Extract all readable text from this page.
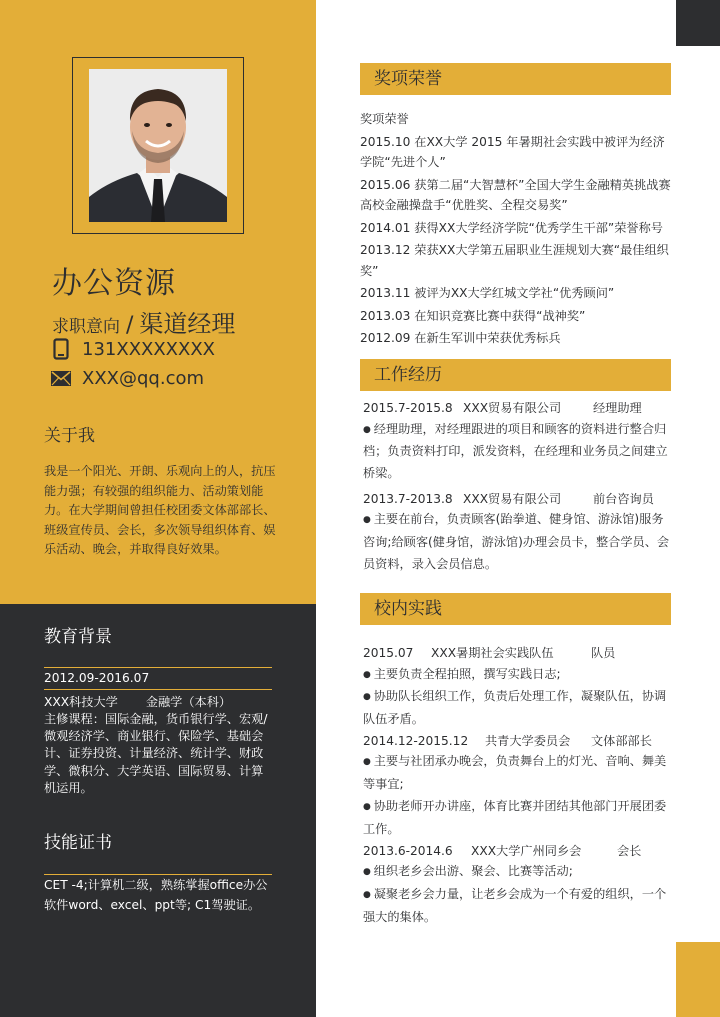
办公资源
求职意向 / 渠道经理
131XXXXXXXX
XXX@qq.com
关于我
我是一个阳光、开朗、乐观向上的人，抗压能力强；有较强的组织能力、活动策划能力。在大学期间曾担任校团委文体部部长、班级宣传员、会长，多次领导组织体育、娱乐活动、晚会，并取得良好效果。
教育背景
2012.09-2016.07
XXX科技大学 金融学（本科）
主修课程：国际金融，货币银行学、宏观/微观经济学、商业银行、保险学、基础会计、证券投资、计量经济、统计学、财政学、微积分、大学英语、国际贸易、计算机运用。
技能证书
CET -4;计算机二级，熟练掌握office办公软件word、excel、ppt等; C1驾驶证。
奖项荣誉
奖项荣誉
2015.10 在XX大学 2015 年暑期社会实践中被评为经济学院“先进个人”
2015.06 获第二届“大智慧杯”全国大学生金融精英挑战赛高校金融操盘手“优胜奖、全程交易奖”
2014.01 获得XX大学经济学院“优秀学生干部”荣誉称号
2013.12 荣获XX大学第五届职业生涯规划大赛“最佳组织奖”
2013.11 被评为XX大学红城文学社“优秀顾问”
2013.03 在知识竞赛比赛中获得“战神奖”
2012.09 在新生军训中荣获优秀标兵
工作经历
2015.7-2015.8 XXX贸易有限公司	经理助理
● 经理助理，对经理跟进的项目和顾客的资料进行整合归档；负责资料打印，派发资料，在经理和业务员之间建立桥梁。
2013.7-2013.8 XXX贸易有限公司	前台咨询员
● 主要在前台，负责顾客(跆拳道、健身馆、游泳馆)服务咨询;给顾客(健身馆，游泳馆)办理会员卡，整合学员、会员资料，录入会员信息。
校内实践
2015.07	XXX暑期社会实践队伍	队员
● 主要负责全程拍照，撰写实践日志;
● 协助队长组织工作，负责后处理工作，凝聚队伍，协调队伍矛盾。
2014.12-2015.12	共青大学委员会	文体部部长
● 主要与社团承办晚会，负责舞台上的灯光、音响、舞美等事宜;
● 协助老师开办讲座，体育比赛并团结其他部门开展团委工作。
2013.6-2014.6	XXX大学广州同乡会	会长
● 组织老乡会出游、聚会、比赛等活动;
● 凝聚老乡会力量，让老乡会成为一个有爱的组织，一个强大的集体。
